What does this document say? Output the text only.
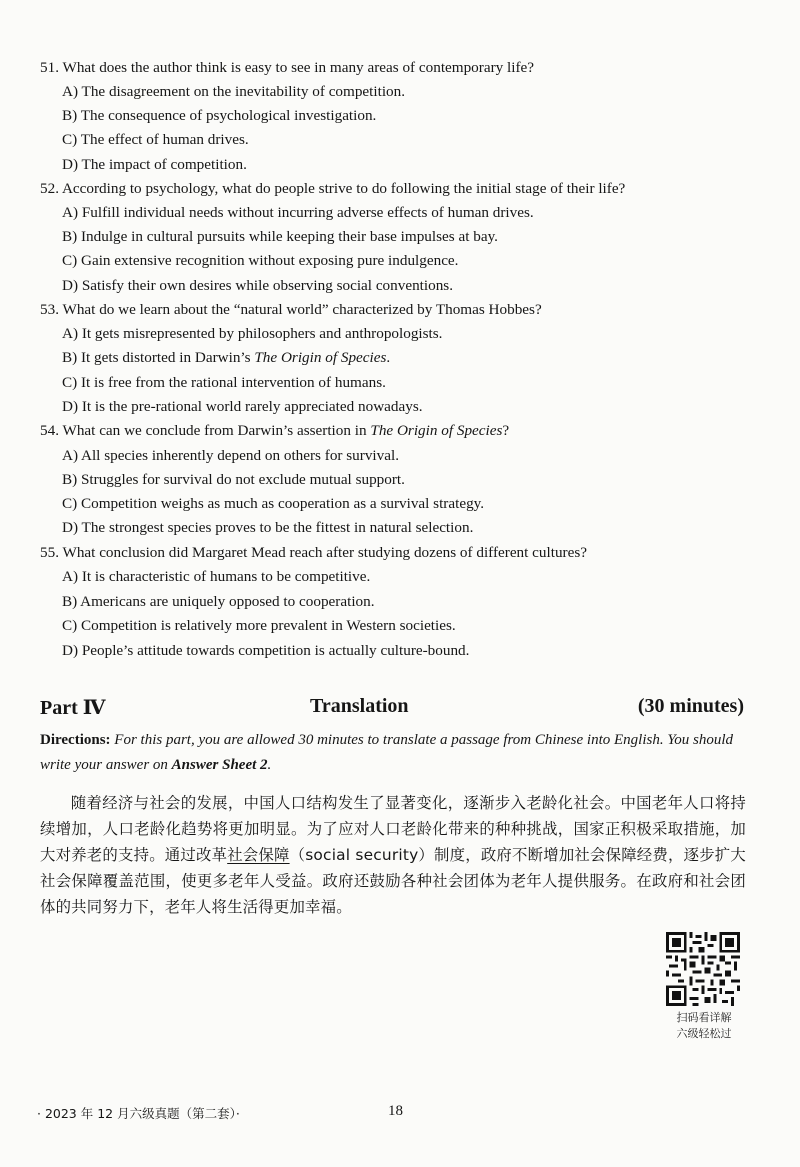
51. What does the author think is easy to see in many areas of contemporary life?
A) The disagreement on the inevitability of competition.
B) The consequence of psychological investigation.
C) The effect of human drives.
D) The impact of competition.
52. According to psychology, what do people strive to do following the initial stage of their life?
A) Fulfill individual needs without incurring adverse effects of human drives.
B) Indulge in cultural pursuits while keeping their base impulses at bay.
C) Gain extensive recognition without exposing pure indulgence.
D) Satisfy their own desires while observing social conventions.
53. What do we learn about the “natural world” characterized by Thomas Hobbes?
A) It gets misrepresented by philosophers and anthropologists.
B) It gets distorted in Darwin’s The Origin of Species.
C) It is free from the rational intervention of humans.
D) It is the pre-rational world rarely appreciated nowadays.
54. What can we conclude from Darwin’s assertion in The Origin of Species?
A) All species inherently depend on others for survival.
B) Struggles for survival do not exclude mutual support.
C) Competition weighs as much as cooperation as a survival strategy.
D) The strongest species proves to be the fittest in natural selection.
55. What conclusion did Margaret Mead reach after studying dozens of different cultures?
A) It is characteristic of humans to be competitive.
B) Americans are uniquely opposed to cooperation.
C) Competition is relatively more prevalent in Western societies.
D) People’s attitude towards competition is actually culture-bound.
Part Ⅳ	Translation	(30 minutes)
Directions: For this part, you are allowed 30 minutes to translate a passage from Chinese into English. You should write your answer on Answer Sheet 2.
随着经济与社会的发展，中国人口结构发生了显著变化，逐渐步入老龄化社会。中国老年人口将持续增加，人口老龄化趋势将更加明显。为了应对人口老龄化带来的种种挑战，国家正积极采取措施，加大对养老的支持。通过改革社会保障（social security）制度，政府不断增加社会保障经费，逐步扩大社会保障覆盖范围，使更多老年人受益。政府还鼓励各种社会团体为老年人提供服务。在政府和社会团体的共同努力下，老年人将生活得更加幸福。
扫码看详解
六级轻松过
· 2023 年 12 月六级真题（第二套）·	18
